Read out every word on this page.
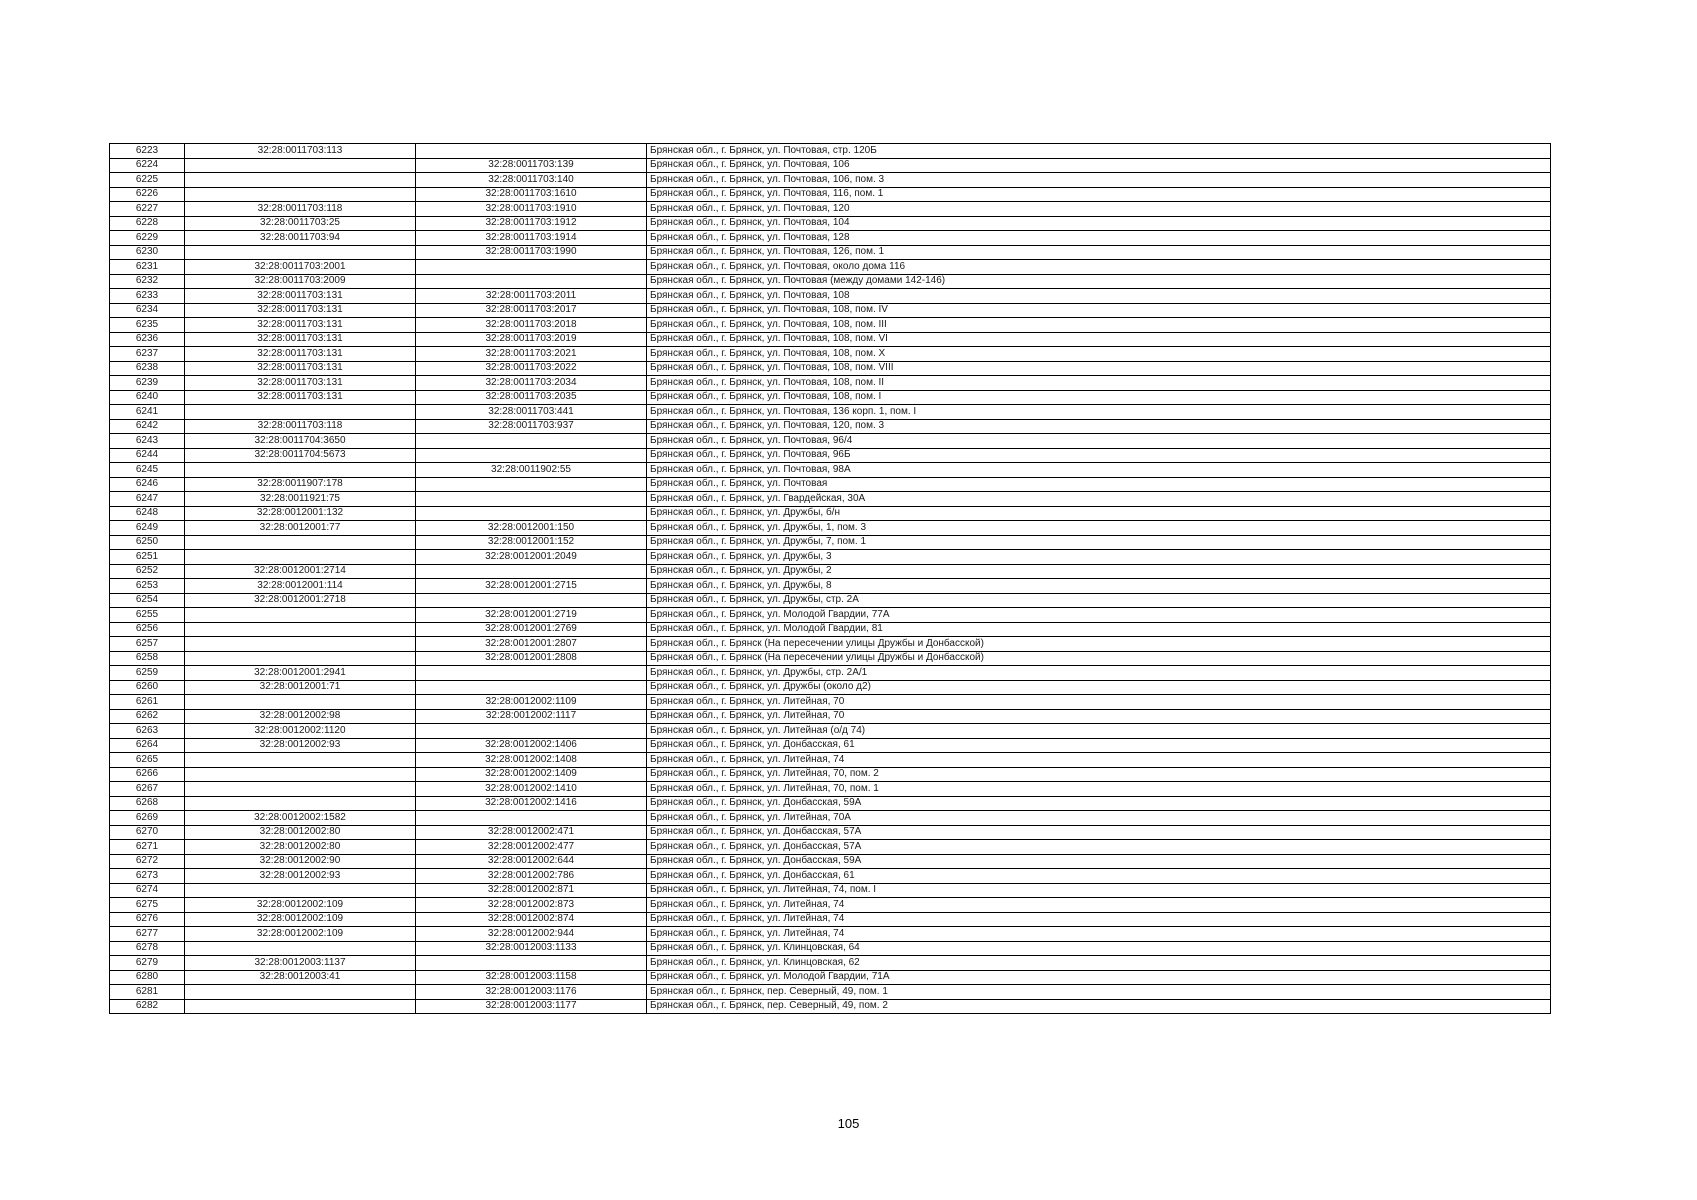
6223	32:28:0011703:113		Брянская обл., г. Брянск, ул. Почтовая, стр. 120Б
6224		32:28:0011703:139	Брянская обл., г. Брянск, ул. Почтовая, 106
6225		32:28:0011703:140	Брянская обл., г. Брянск, ул. Почтовая, 106, пом. 3
6226		32:28:0011703:1610	Брянская обл., г. Брянск, ул. Почтовая, 116, пом. 1
6227	32:28:0011703:118	32:28:0011703:1910	Брянская обл., г. Брянск, ул. Почтовая, 120
6228	32:28:0011703:25	32:28:0011703:1912	Брянская обл., г. Брянск, ул. Почтовая, 104
6229	32:28:0011703:94	32:28:0011703:1914	Брянская обл., г. Брянск, ул. Почтовая, 128
6230		32:28:0011703:1990	Брянская обл., г. Брянск, ул. Почтовая, 126, пом. 1
6231	32:28:0011703:2001		Брянская обл., г. Брянск, ул. Почтовая, около дома 116
6232	32:28:0011703:2009		Брянская обл., г. Брянск, ул. Почтовая (между домами 142-146)
6233	32:28:0011703:131	32:28:0011703:2011	Брянская обл., г. Брянск, ул. Почтовая, 108
6234	32:28:0011703:131	32:28:0011703:2017	Брянская обл., г. Брянск, ул. Почтовая, 108, пом. IV
6235	32:28:0011703:131	32:28:0011703:2018	Брянская обл., г. Брянск, ул. Почтовая, 108, пом. III
6236	32:28:0011703:131	32:28:0011703:2019	Брянская обл., г. Брянск, ул. Почтовая, 108, пом. VI
6237	32:28:0011703:131	32:28:0011703:2021	Брянская обл., г. Брянск, ул. Почтовая, 108, пом. X
6238	32:28:0011703:131	32:28:0011703:2022	Брянская обл., г. Брянск, ул. Почтовая, 108, пом. VIII
6239	32:28:0011703:131	32:28:0011703:2034	Брянская обл., г. Брянск, ул. Почтовая, 108, пом. II
6240	32:28:0011703:131	32:28:0011703:2035	Брянская обл., г. Брянск, ул. Почтовая, 108, пом. I
6241		32:28:0011703:441	Брянская обл., г. Брянск, ул. Почтовая, 136 корп. 1, пом. I
6242	32:28:0011703:118	32:28:0011703:937	Брянская обл., г. Брянск, ул. Почтовая, 120, пом. 3
6243	32:28:0011704:3650		Брянская обл., г. Брянск, ул. Почтовая, 96/4
6244	32:28:0011704:5673		Брянская обл., г. Брянск, ул. Почтовая, 96Б
6245		32:28:0011902:55	Брянская обл., г. Брянск, ул. Почтовая, 98А
6246	32:28:0011907:178		Брянская обл., г. Брянск, ул. Почтовая
6247	32:28:0011921:75		Брянская обл., г. Брянск, ул. Гвардейская, 30А
6248	32:28:0012001:132		Брянская обл., г. Брянск, ул. Дружбы, б/н
6249	32:28:0012001:77	32:28:0012001:150	Брянская обл., г. Брянск, ул. Дружбы, 1, пом. 3
6250		32:28:0012001:152	Брянская обл., г. Брянск, ул. Дружбы, 7, пом. 1
6251		32:28:0012001:2049	Брянская обл., г. Брянск, ул. Дружбы, 3
6252	32:28:0012001:2714		Брянская обл., г. Брянск, ул. Дружбы, 2
6253	32:28:0012001:114	32:28:0012001:2715	Брянская обл., г. Брянск, ул. Дружбы, 8
6254	32:28:0012001:2718		Брянская обл., г. Брянск, ул. Дружбы, стр. 2А
6255		32:28:0012001:2719	Брянская обл., г. Брянск, ул. Молодой Гвардии, 77А
6256		32:28:0012001:2769	Брянская обл., г. Брянск, ул. Молодой Гвардии, 81
6257		32:28:0012001:2807	Брянская обл., г. Брянск (На пересечении улицы Дружбы и Донбасской)
6258		32:28:0012001:2808	Брянская обл., г. Брянск (На пересечении улицы Дружбы и Донбасской)
6259	32:28:0012001:2941		Брянская обл., г. Брянск, ул. Дружбы, стр. 2А/1
6260	32:28:0012001:71		Брянская обл., г. Брянск, ул. Дружбы (около д2)
6261		32:28:0012002:1109	Брянская обл., г. Брянск, ул. Литейная, 70
6262	32:28:0012002:98	32:28:0012002:1117	Брянская обл., г. Брянск, ул. Литейная, 70
6263	32:28:0012002:1120		Брянская обл., г. Брянск, ул. Литейная (о/д 74)
6264	32:28:0012002:93	32:28:0012002:1406	Брянская обл., г. Брянск, ул. Донбасская, 61
6265		32:28:0012002:1408	Брянская обл., г. Брянск, ул. Литейная, 74
6266		32:28:0012002:1409	Брянская обл., г. Брянск, ул. Литейная, 70, пом. 2
6267		32:28:0012002:1410	Брянская обл., г. Брянск, ул. Литейная, 70, пом. 1
6268		32:28:0012002:1416	Брянская обл., г. Брянск, ул. Донбасская, 59А
6269	32:28:0012002:1582		Брянская обл., г. Брянск, ул. Литейная, 70А
6270	32:28:0012002:80	32:28:0012002:471	Брянская обл., г. Брянск, ул. Донбасская, 57А
6271	32:28:0012002:80	32:28:0012002:477	Брянская обл., г. Брянск, ул. Донбасская, 57А
6272	32:28:0012002:90	32:28:0012002:644	Брянская обл., г. Брянск, ул. Донбасская, 59А
6273	32:28:0012002:93	32:28:0012002:786	Брянская обл., г. Брянск, ул. Донбасская, 61
6274		32:28:0012002:871	Брянская обл., г. Брянск, ул. Литейная, 74, пом. I
6275	32:28:0012002:109	32:28:0012002:873	Брянская обл., г. Брянск, ул. Литейная, 74
6276	32:28:0012002:109	32:28:0012002:874	Брянская обл., г. Брянск, ул. Литейная, 74
6277	32:28:0012002:109	32:28:0012002:944	Брянская обл., г. Брянск, ул. Литейная, 74
6278		32:28:0012003:1133	Брянская обл., г. Брянск, ул. Клинцовская, 64
6279	32:28:0012003:1137		Брянская обл., г. Брянск, ул. Клинцовская, 62
6280	32:28:0012003:41	32:28:0012003:1158	Брянская обл., г. Брянск, ул. Молодой Гвардии, 71А
6281		32:28:0012003:1176	Брянская обл., г. Брянск, пер. Северный, 49, пом. 1
6282		32:28:0012003:1177	Брянская обл., г. Брянск, пер. Северный, 49, пом. 2
105
